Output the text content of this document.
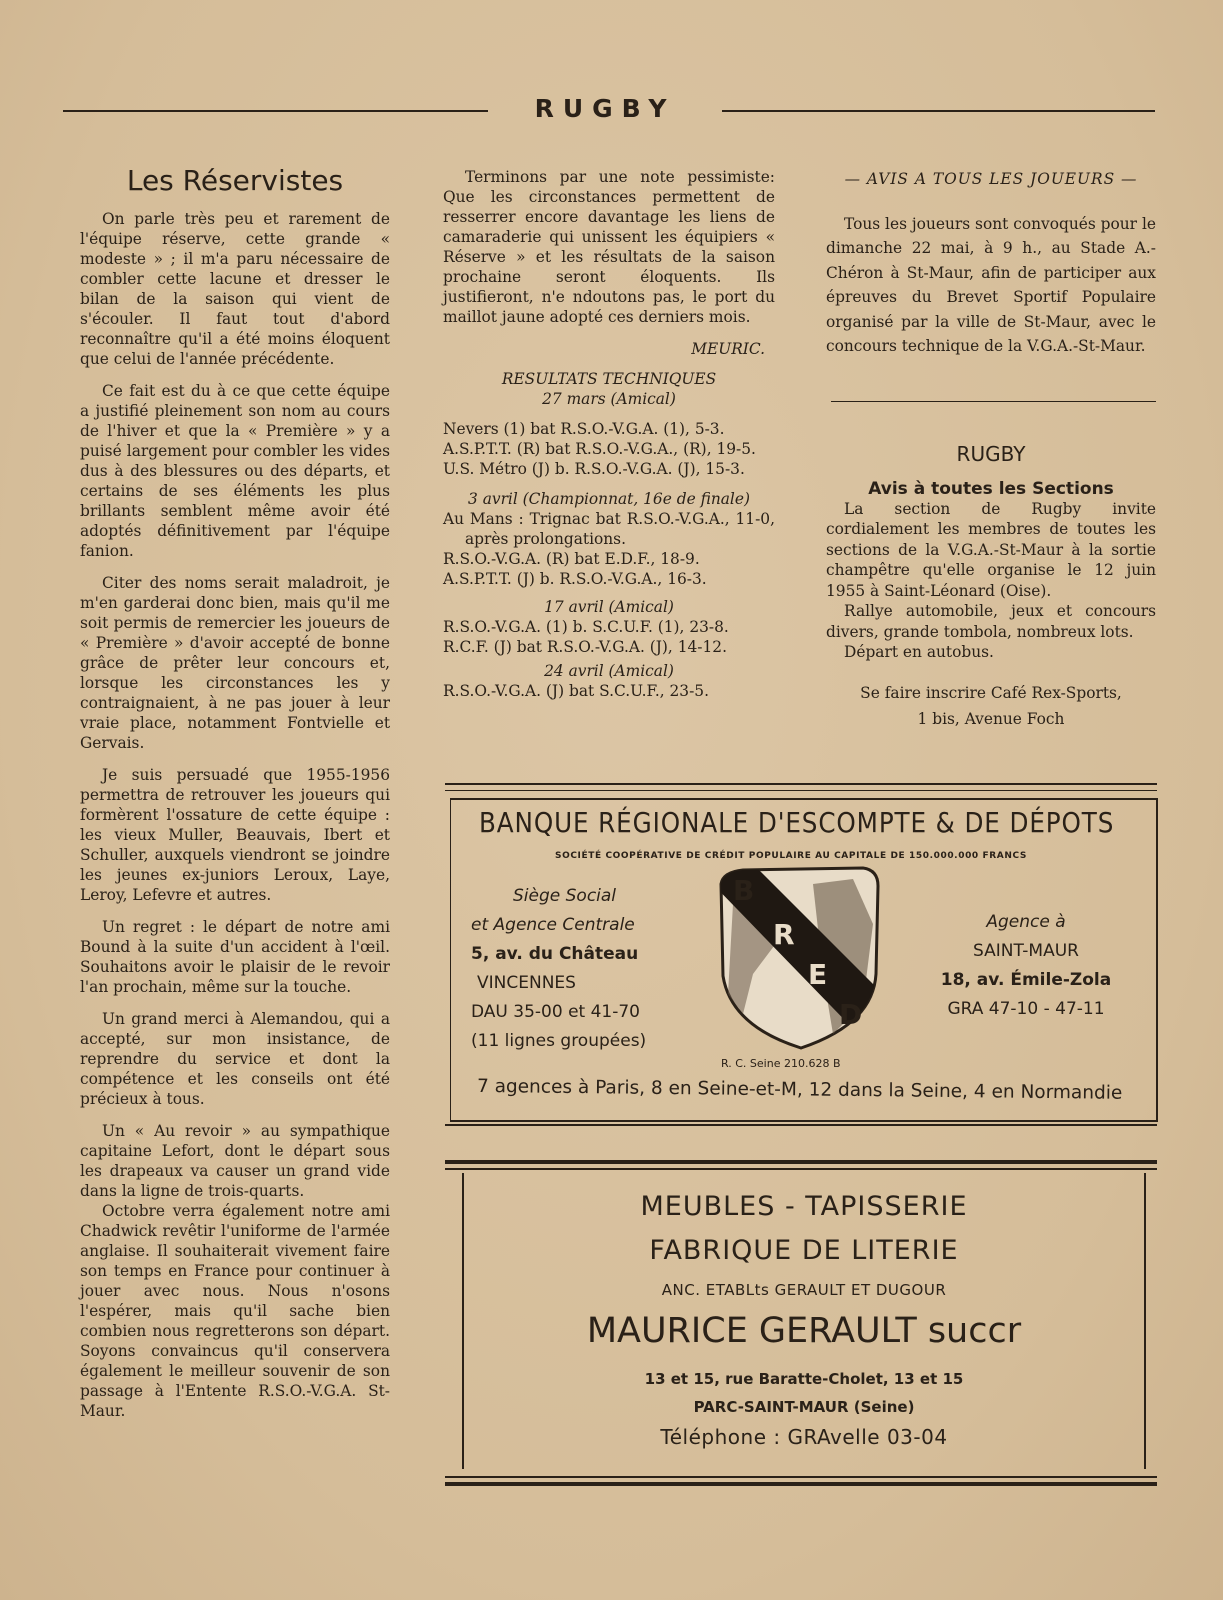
RUGBY
Les Réservistes

On parle très peu et rarement de l'équipe réserve, cette grande « modeste » ; il m'a paru nécessaire de combler cette lacune et dresser le bilan de la saison qui vient de s'écouler. Il faut tout d'abord reconnaître qu'il a été moins éloquent que celui de l'année précédente.

Ce fait est du à ce que cette équipe a justifié pleinement son nom au cours de l'hiver et que la « Première » y a puisé largement pour combler les vides dus à des blessures ou des départs, et certains de ses éléments les plus brillants semblent même avoir été adoptés définitivement par l'équipe fanion.

Citer des noms serait maladroit, je m'en garderai donc bien, mais qu'il me soit permis de remercier les joueurs de « Première » d'avoir accepté de bonne grâce de prêter leur concours et, lorsque les circonstances les y contraignaient, à ne pas jouer à leur vraie place, notamment Fontvielle et Gervais.

Je suis persuadé que 1955-1956 permettra de retrouver les joueurs qui formèrent l'ossature de cette équipe : les vieux Muller, Beauvais, Ibert et Schuller, auxquels viendront se joindre les jeunes ex-juniors Leroux, Laye, Leroy, Lefevre et autres.

Un regret : le départ de notre ami Bound à la suite d'un accident à l'œil. Souhaitons avoir le plaisir de le revoir l'an prochain, même sur la touche.

Un grand merci à Alemandou, qui a accepté, sur mon insistance, de reprendre du service et dont la compétence et les conseils ont été précieux à tous.

Un « Au revoir » au sympathique capitaine Lefort, dont le départ sous les drapeaux va causer un grand vide dans la ligne de trois-quarts.

Octobre verra également notre ami Chadwick revêtir l'uniforme de l'armée anglaise. Il souhaiterait vivement faire son temps en France pour continuer à jouer avec nous. Nous n'osons l'espérer, mais qu'il sache bien combien nous regretterons son départ. Soyons convaincus qu'il conservera également le meilleur souvenir de son passage à l'Entente R.S.O.-V.G.A. St-Maur.

Terminons par une note pessimiste: Que les circonstances permettent de resserrer encore davantage les liens de camaraderie qui unissent les équipiers « Réserve » et les résultats de la saison prochaine seront éloquents. Ils justifieront, n'e ndoutons pas, le port du maillot jaune adopté ces derniers mois.

MEURIC.
RESULTATS TECHNIQUES
27 mars (Amical)
Nevers (1) bat R.S.O.-V.G.A. (1), 5-3.
A.S.P.T.T. (R) bat R.S.O.-V.G.A., (R), 19-5.
U.S. Métro (J) b. R.S.O.-V.G.A. (J), 15-3.
3 avril (Championnat, 16e de finale)
Au Mans : Trignac bat R.S.O.-V.G.A., 11-0, après prolongations.
R.S.O.-V.G.A. (R) bat E.D.F., 18-9.
A.S.P.T.T. (J) b. R.S.O.-V.G.A., 16-3.
17 avril (Amical)
R.S.O.-V.G.A. (1) b. S.C.U.F. (1), 23-8.
R.C.F. (J) bat R.S.O.-V.G.A. (J), 14-12.
24 avril (Amical)
R.S.O.-V.G.A. (J) bat S.C.U.F., 23-5.
— AVIS A TOUS LES JOUEURS —

Tous les joueurs sont convoqués pour le dimanche 22 mai, à 9 h., au Stade A.-Chéron à St-Maur, afin de participer aux épreuves du Brevet Sportif Populaire organisé par la ville de St-Maur, avec le concours technique de la V.G.A.-St-Maur.

RUGBY
Avis à toutes les Sections

La section de Rugby invite cordialement les membres de toutes les sections de la V.G.A.-St-Maur à la sortie champêtre qu'elle organise le 12 juin 1955 à Saint-Léonard (Oise).

Rallye automobile, jeux et concours divers, grande tombola, nombreux lots.

Départ en autobus.

Se faire inscrire Café Rex-Sports,

1 bis, Avenue Foch

BANQUE RÉGIONALE D'ESCOMPTE & DE DÉPOTS
SOCIÉTÉ COOPÉRATIVE DE CRÉDIT POPULAIRE AU CAPITALE DE 150.000.000 FRANCS
Siège Social
et Agence Centrale
5, av. du Château
VINCENNES
DAU 35-00 et 41-70
(11 lignes groupées)
B
R
E
D
Agence à
SAINT-MAUR
18, av. Émile-Zola
GRA 47-10 - 47-11
R. C. Seine 210.628 B
7 agences à Paris, 8 en Seine-et-M, 12 dans la Seine, 4 en Normandie
MEUBLES - TAPISSERIE
FABRIQUE DE LITERIE
ANC. ETABLts GERAULT ET DUGOUR
MAURICE GERAULT succr
13 et 15, rue Baratte-Cholet, 13 et 15
PARC-SAINT-MAUR (Seine)
Téléphone : GRAvelle 03-04
